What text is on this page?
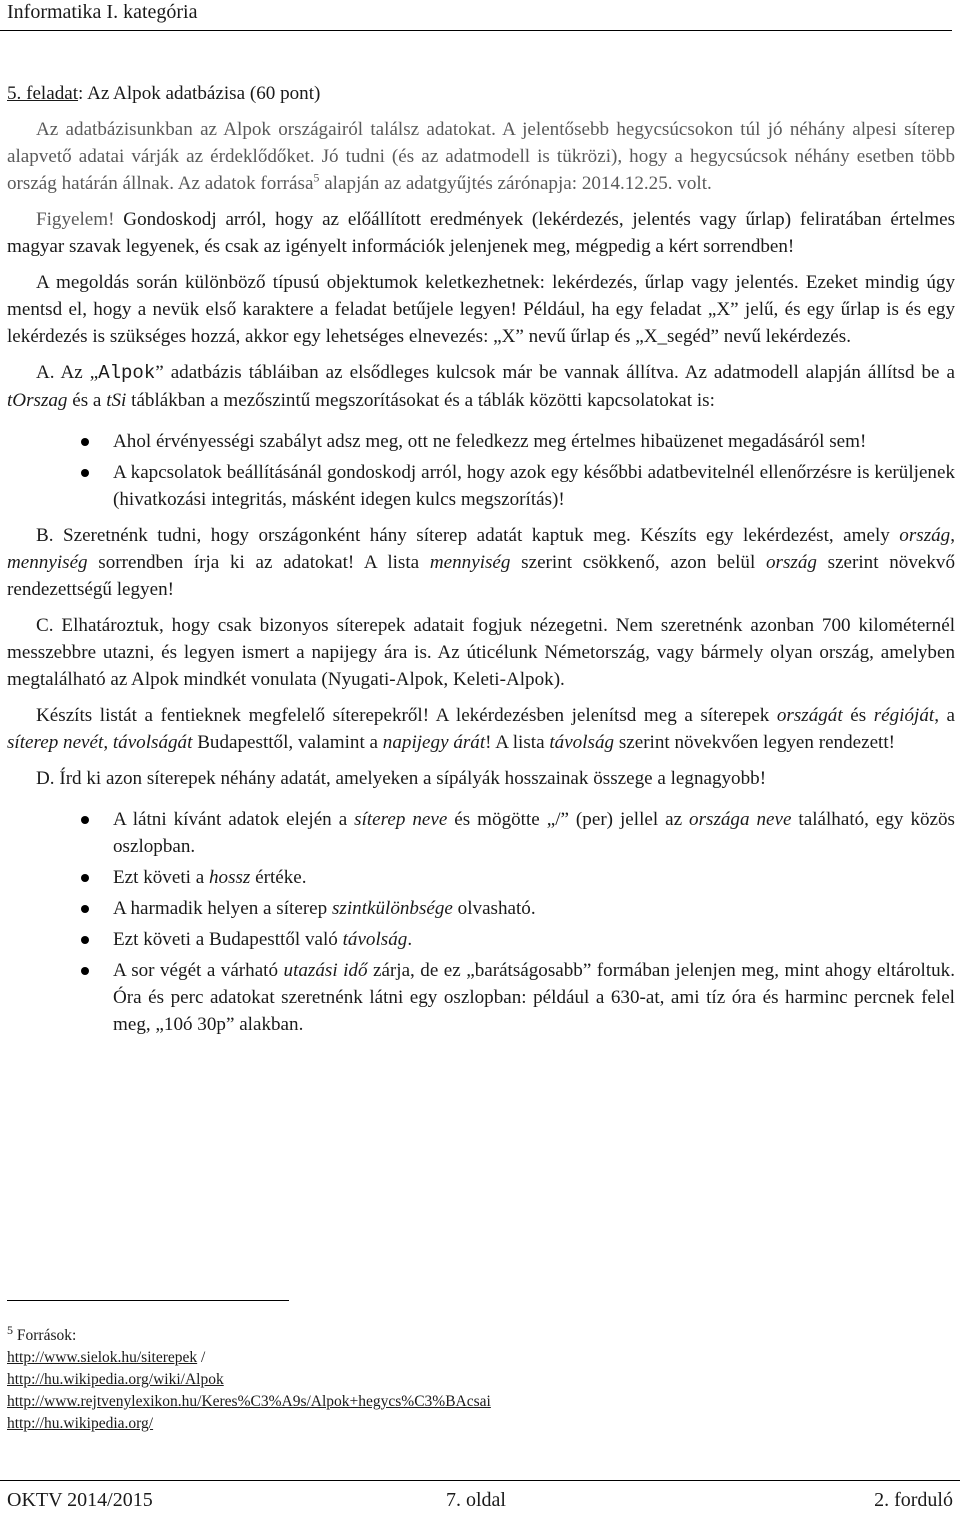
Informatika I. kategória

5. feladat: Az Alpok adatbázisa (60 pont)

Az adatbázisunkban az Alpok országairól találsz adatokat. A jelentősebb hegycsúcsokon túl jó néhány alpesi síterep alapvető adatai várják az érdeklődőket. Jó tudni (és az adatmodell is tükrözi), hogy a hegycsúcsok néhány esetben több ország határán állnak. Az adatok forrása$^5$ alapján az adatgyűjtés zárónapja: 2014.12.25. volt.

Figyelem! Gondoskodj arról, hogy az előállított eredmények (lekérdezés, jelentés vagy űrlap) feliratában értelmes magyar szavak legyenek, és csak az igényelt információk jelenjenek meg, mégpedig a kért sorrendben!

A megoldás során különböző típusú objektumok keletkezhetnek: lekérdezés, űrlap vagy jelentés. Ezeket mindig úgy mentsd el, hogy a nevük első karaktere a feladat betűjele legyen! Például, ha egy feladat „X” jelű, és egy űrlap is és egy lekérdezés is szükséges hozzá, akkor egy lehetséges elnevezés: „X” nevű űrlap és „X_segéd” nevű lekérdezés.

A. Az „Alpok” adatbázis tábláiban az elsődleges kulcsok már be vannak állítva. Az adatmodell alapján állítsd be a tOrszag és a tSi táblákban a mezőszintű megszorításokat és a táblák közötti kapcsolatokat is:

Ahol érvényességi szabályt adsz meg, ott ne feledkezz meg értelmes hibaüzenet megadásáról sem!
A kapcsolatok beállításánál gondoskodj arról, hogy azok egy későbbi adatbevitelnél ellenőrzésre is kerüljenek (hivatkozási integritás, másként idegen kulcs megszorítás)!

B. Szeretnénk tudni, hogy országonként hány síterep adatát kaptuk meg. Készíts egy lekérdezést, amely ország, mennyiség sorrendben írja ki az adatokat! A lista mennyiség szerint csökkenő, azon belül ország szerint növekvő rendezettségű legyen!

C. Elhatároztuk, hogy csak bizonyos síterepek adatait fogjuk nézegetni. Nem szeretnénk azonban 700 kilométernél messzebbre utazni, és legyen ismert a napijegy ára is. Az úticélunk Németország, vagy bármely olyan ország, amelyben megtalálható az Alpok mindkét vonulata (Nyugati-Alpok, Keleti-Alpok).

Készíts listát a fentieknek megfelelő síterepekről! A lekérdezésben jelenítsd meg a síterepek országát és régióját, a síterep nevét, távolságát Budapesttől, valamint a napijegy árát! A lista távolság szerint növekvően legyen rendezett!

D. Írd ki azon síterepek néhány adatát, amelyeken a sípályák hosszainak összege a legnagyobb!

A látni kívánt adatok elején a síterep neve és mögötte „/” (per) jellel az országa neve található, egy közös oszlopban.
Ezt követi a hossz értéke.
A harmadik helyen a síterep szintkülönbsége olvasható.
Ezt követi a Budapesttől való távolság.
A sor végét a várható utazási idő zárja, de ez „barátságosabb” formában jelenjen meg, mint ahogy eltároltuk. Óra és perc adatokat szeretnénk látni egy oszlopban: például a 630-at, ami tíz óra és harminc percnek felel meg, „10ó 30p” alakban.
$^5$ Források:
http://www.sielok.hu/siterepek /
http://hu.wikipedia.org/wiki/Alpok
http://www.rejtvenylexikon.hu/Keres%C3%A9s/Alpok+hegycs%C3%BAcsai
http://hu.wikipedia.org/
OKTV 2014/2015	7. oldal	2. forduló
